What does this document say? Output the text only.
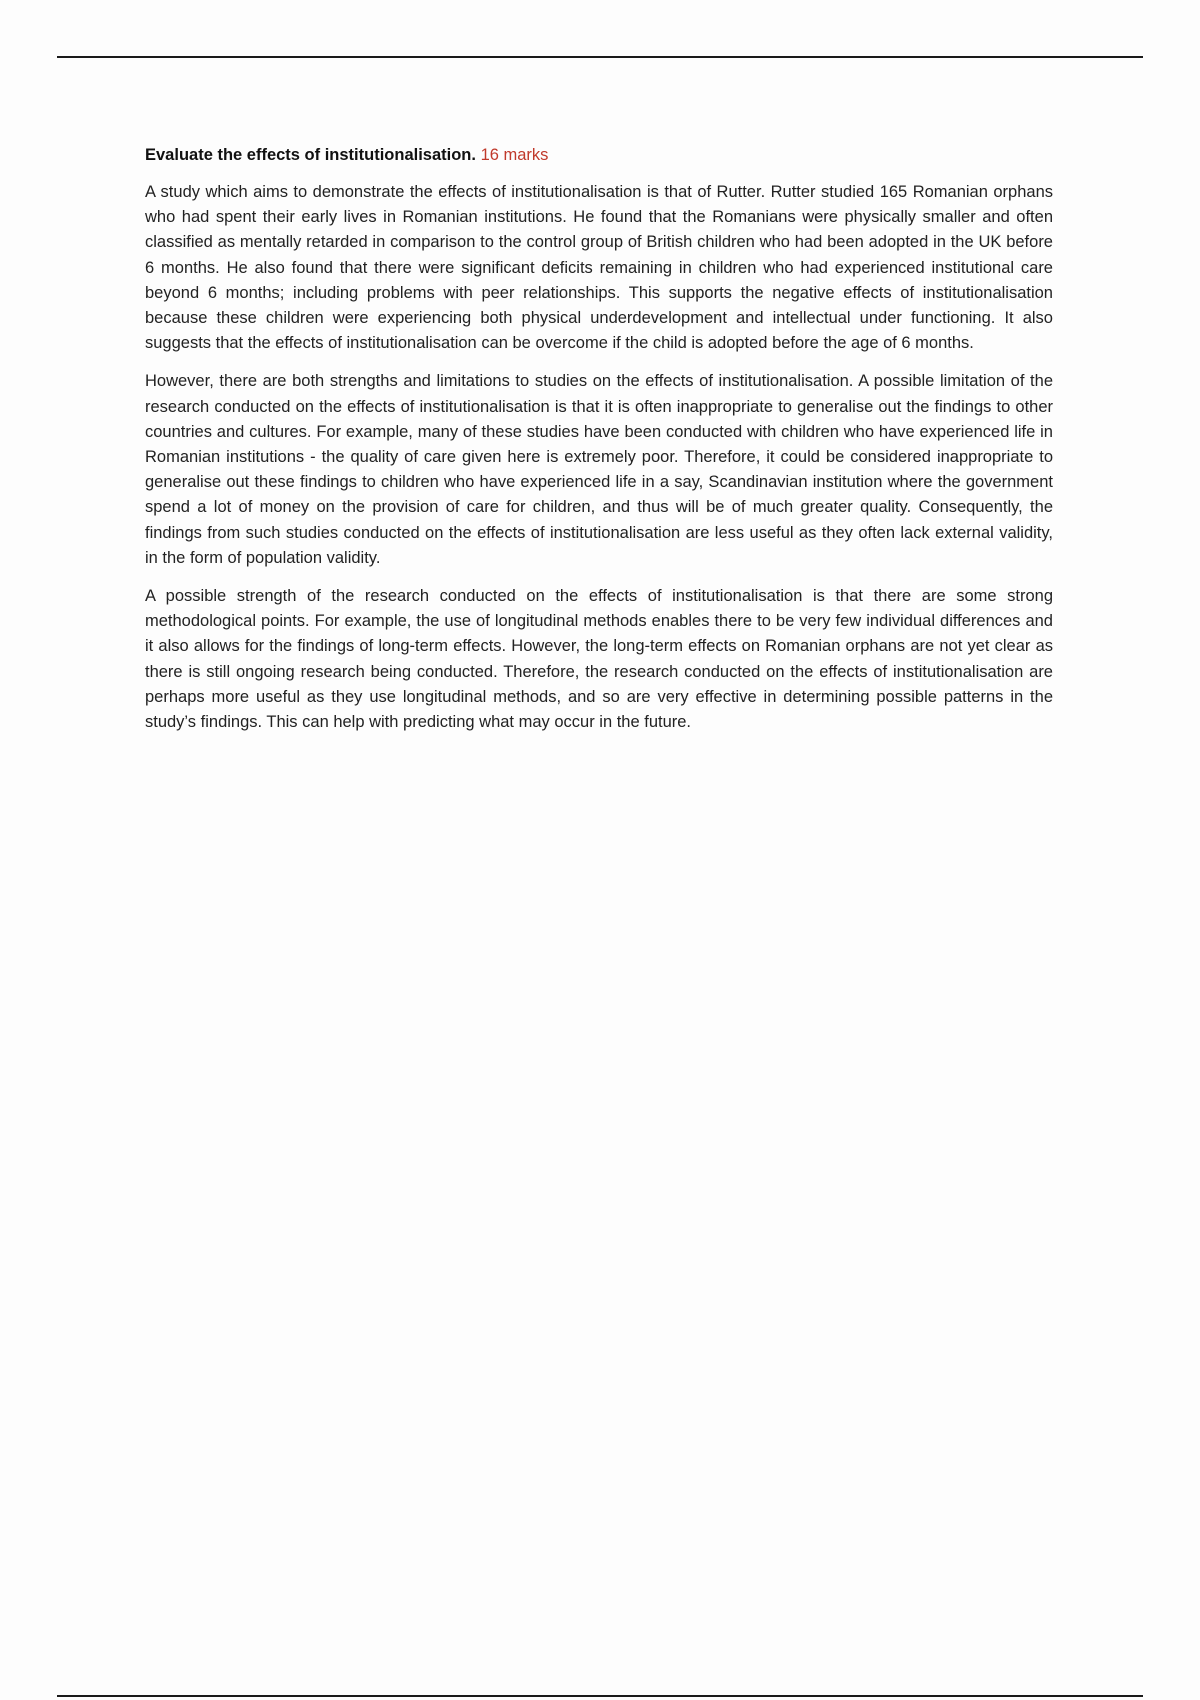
Evaluate the effects of institutionalisation. 16 marks

A study which aims to demonstrate the effects of institutionalisation is that of Rutter. Rutter studied 165 Romanian orphans who had spent their early lives in Romanian institutions. He found that the Romanians were physically smaller and often classified as mentally retarded in comparison to the control group of British children who had been adopted in the UK before 6 months. He also found that there were significant deficits remaining in children who had experienced institutional care beyond 6 months; including problems with peer relationships. This supports the negative effects of institutionalisation because these children were experiencing both physical underdevelopment and intellectual under functioning. It also suggests that the effects of institutionalisation can be overcome if the child is adopted before the age of 6 months.

However, there are both strengths and limitations to studies on the effects of institutionalisation. A possible limitation of the research conducted on the effects of institutionalisation is that it is often inappropriate to generalise out the findings to other countries and cultures. For example, many of these studies have been conducted with children who have experienced life in Romanian institutions - the quality of care given here is extremely poor. Therefore, it could be considered inappropriate to generalise out these findings to children who have experienced life in a say, Scandinavian institution where the government spend a lot of money on the provision of care for children, and thus will be of much greater quality. Consequently, the findings from such studies conducted on the effects of institutionalisation are less useful as they often lack external validity, in the form of population validity.

A possible strength of the research conducted on the effects of institutionalisation is that there are some strong methodological points. For example, the use of longitudinal methods enables there to be very few individual differences and it also allows for the findings of long-term effects. However, the long-term effects on Romanian orphans are not yet clear as there is still ongoing research being conducted. Therefore, the research conducted on the effects of institutionalisation are perhaps more useful as they use longitudinal methods, and so are very effective in determining possible patterns in the study’s findings. This can help with predicting what may occur in the future.
